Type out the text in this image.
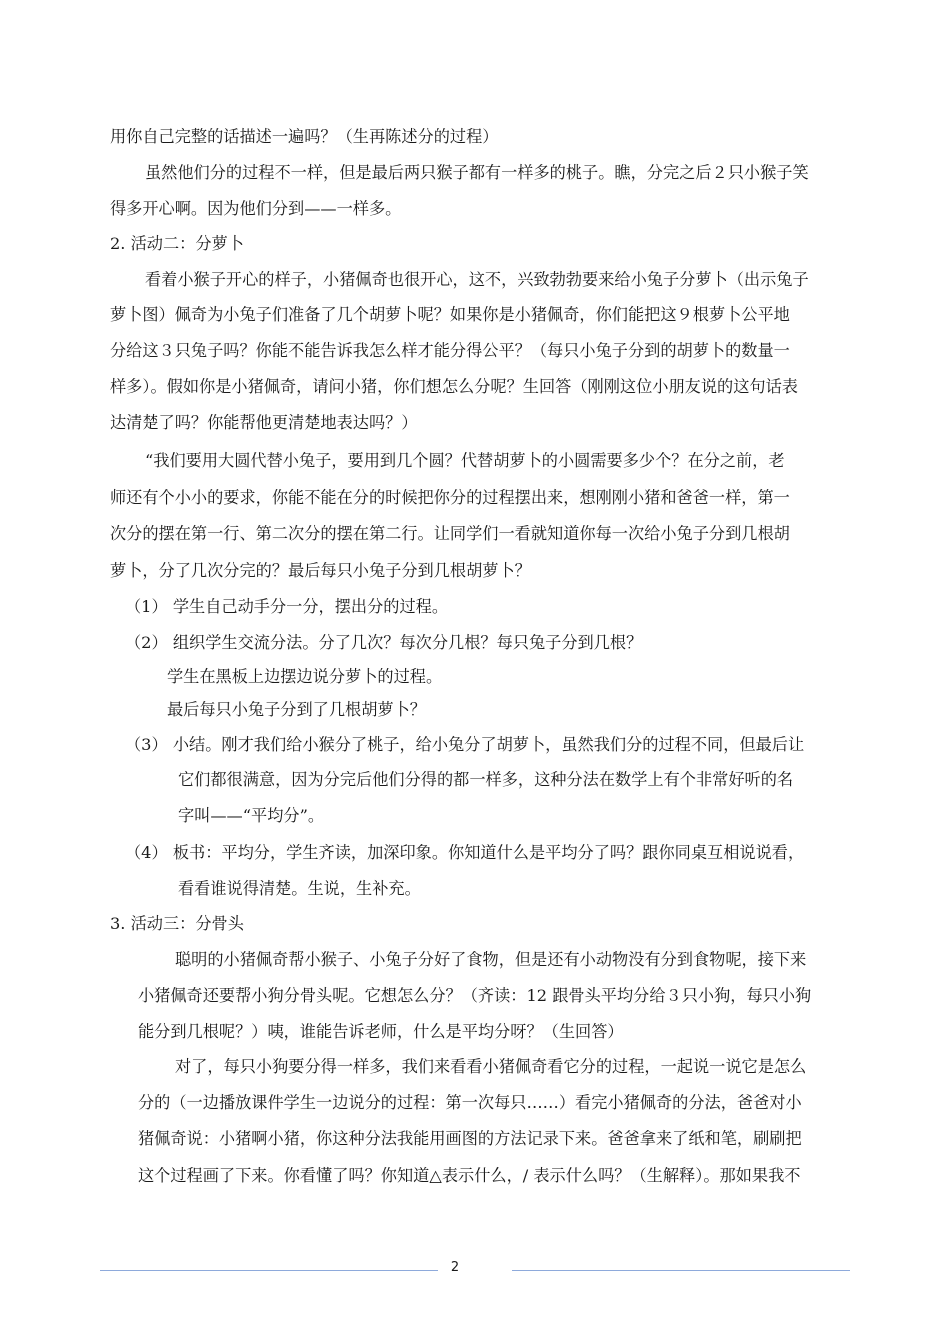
用你自己完整的话描述一遍吗？（生再陈述分的过程）
虽然他们分的过程不一样，但是最后两只猴子都有一样多的桃子。瞧，分完之后２只小猴子笑
得多开心啊。因为他们分到——一样多。
2. 活动二：分萝卜
看着小猴子开心的样子，小猪佩奇也很开心，这不，兴致勃勃要来给小兔子分萝卜（出示兔子
萝卜图）佩奇为小兔子们准备了几个胡萝卜呢？如果你是小猪佩奇，你们能把这９根萝卜公平地
分给这３只兔子吗？你能不能告诉我怎么样才能分得公平？（每只小兔子分到的胡萝卜的数量一
样多）。假如你是小猪佩奇，请问小猪，你们想怎么分呢？生回答（刚刚这位小朋友说的这句话表
达清楚了吗？你能帮他更清楚地表达吗？）
“我们要用大圆代替小兔子，要用到几个圆？代替胡萝卜的小圆需要多少个？在分之前，老
师还有个小小的要求，你能不能在分的时候把你分的过程摆出来，想刚刚小猪和爸爸一样，第一
次分的摆在第一行、第二次分的摆在第二行。让同学们一看就知道你每一次给小兔子分到几根胡
萝卜，分了几次分完的？最后每只小兔子分到几根胡萝卜？
（1） 学生自己动手分一分，摆出分的过程。
（2） 组织学生交流分法。分了几次？每次分几根？每只兔子分到几根？
学生在黑板上边摆边说分萝卜的过程。
最后每只小兔子分到了几根胡萝卜？
（3） 小结。刚才我们给小猴分了桃子，给小兔分了胡萝卜，虽然我们分的过程不同，但最后让
它们都很满意，因为分完后他们分得的都一样多，这种分法在数学上有个非常好听的名
字叫——“平均分”。
（4） 板书：平均分，学生齐读，加深印象。你知道什么是平均分了吗？跟你同桌互相说说看，
看看谁说得清楚。生说，生补充。
3. 活动三：分骨头
聪明的小猪佩奇帮小猴子、小兔子分好了食物，但是还有小动物没有分到食物呢，接下来
小猪佩奇还要帮小狗分骨头呢。它想怎么分？（齐读：12 跟骨头平均分给３只小狗，每只小狗
能分到几根呢？）咦，谁能告诉老师，什么是平均分呀？（生回答）
对了，每只小狗要分得一样多，我们来看看小猪佩奇看它分的过程，一起说一说它是怎么
分的（一边播放课件学生一边说分的过程：第一次每只……）看完小猪佩奇的分法，爸爸对小
猪佩奇说：小猪啊小猪，你这种分法我能用画图的方法记录下来。爸爸拿来了纸和笔，刷刷把
这个过程画了下来。你看懂了吗？你知道△表示什么，/ 表示什么吗？（生解释）。那如果我不
2
